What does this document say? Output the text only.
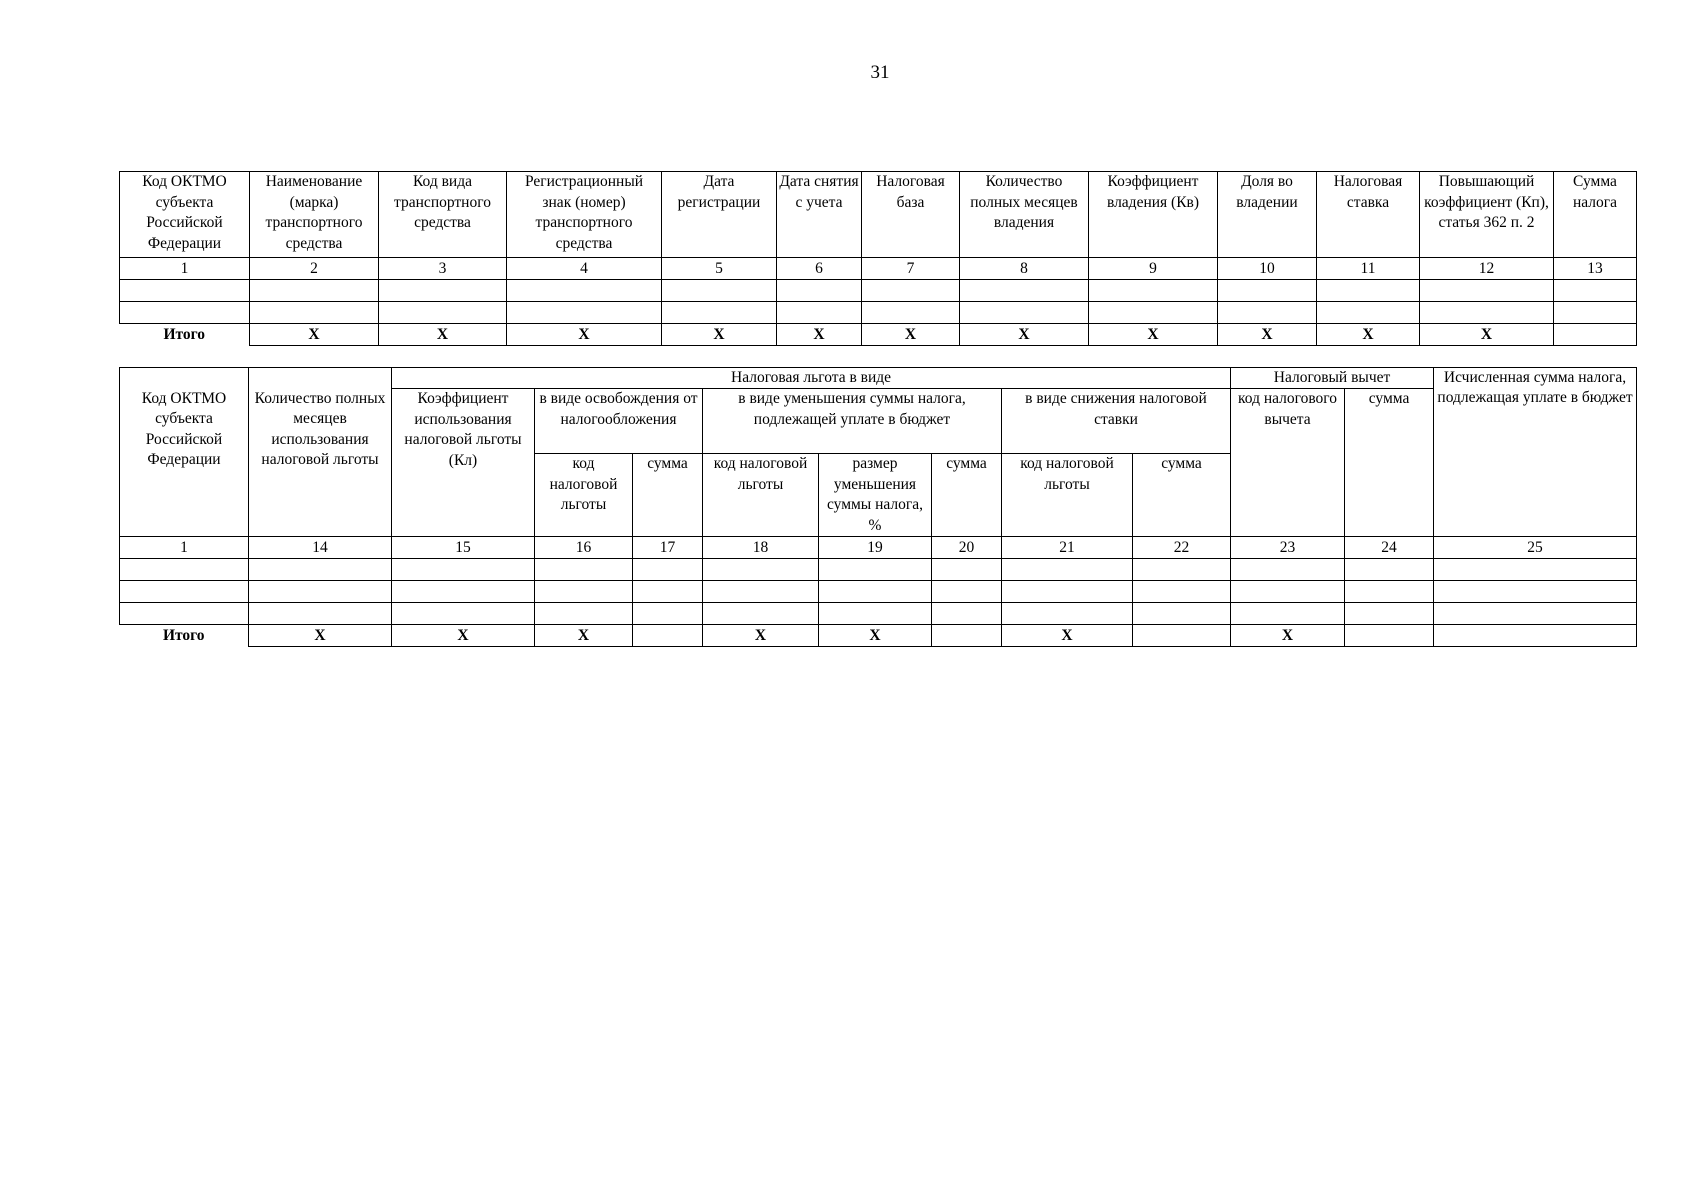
31
Код ОКТМО субъекта Российской Федерации	Наименование (марка) транспортного средства	Код вида транспортного средства	Регистрационный знак (номер) транспортного средства	Дата регистрации	Дата снятия с учета	Налоговая база	Количество полных месяцев владения	Коэффициент владения (Кв)	Доля во владении	Налоговая ставка	Повышающий коэффициент (Кп), статья 362 п. 2	Сумма налога
1	2	3	4	5	6	7	8	9	10	11	12	13

Итого	X	X	X	X	X	X	X	X	X	X	X	
		Налоговая льгота в виде								Налоговый вычет		Исчисленная сумма налога, подлежащая уплате в бюджет
Код ОКТМО субъекта Российской Федерации	Количество полных месяцев использования налоговой льготы	Коэффициент использования налоговой льготы (Кл)	в виде освобождения от налогообложения		в виде уменьшения суммы налога, подлежащей уплате в бюджет			в виде снижения налоговой ставки		код налогового вычета	сумма	
			код налоговой льготы	сумма	код налоговой льготы	размер уменьшения суммы налога, %	сумма	код налоговой льготы	сумма			
1	14	15	16	17	18	19	20	21	22	23	24	25

Итого	X	X	X		X	X		X		X		
